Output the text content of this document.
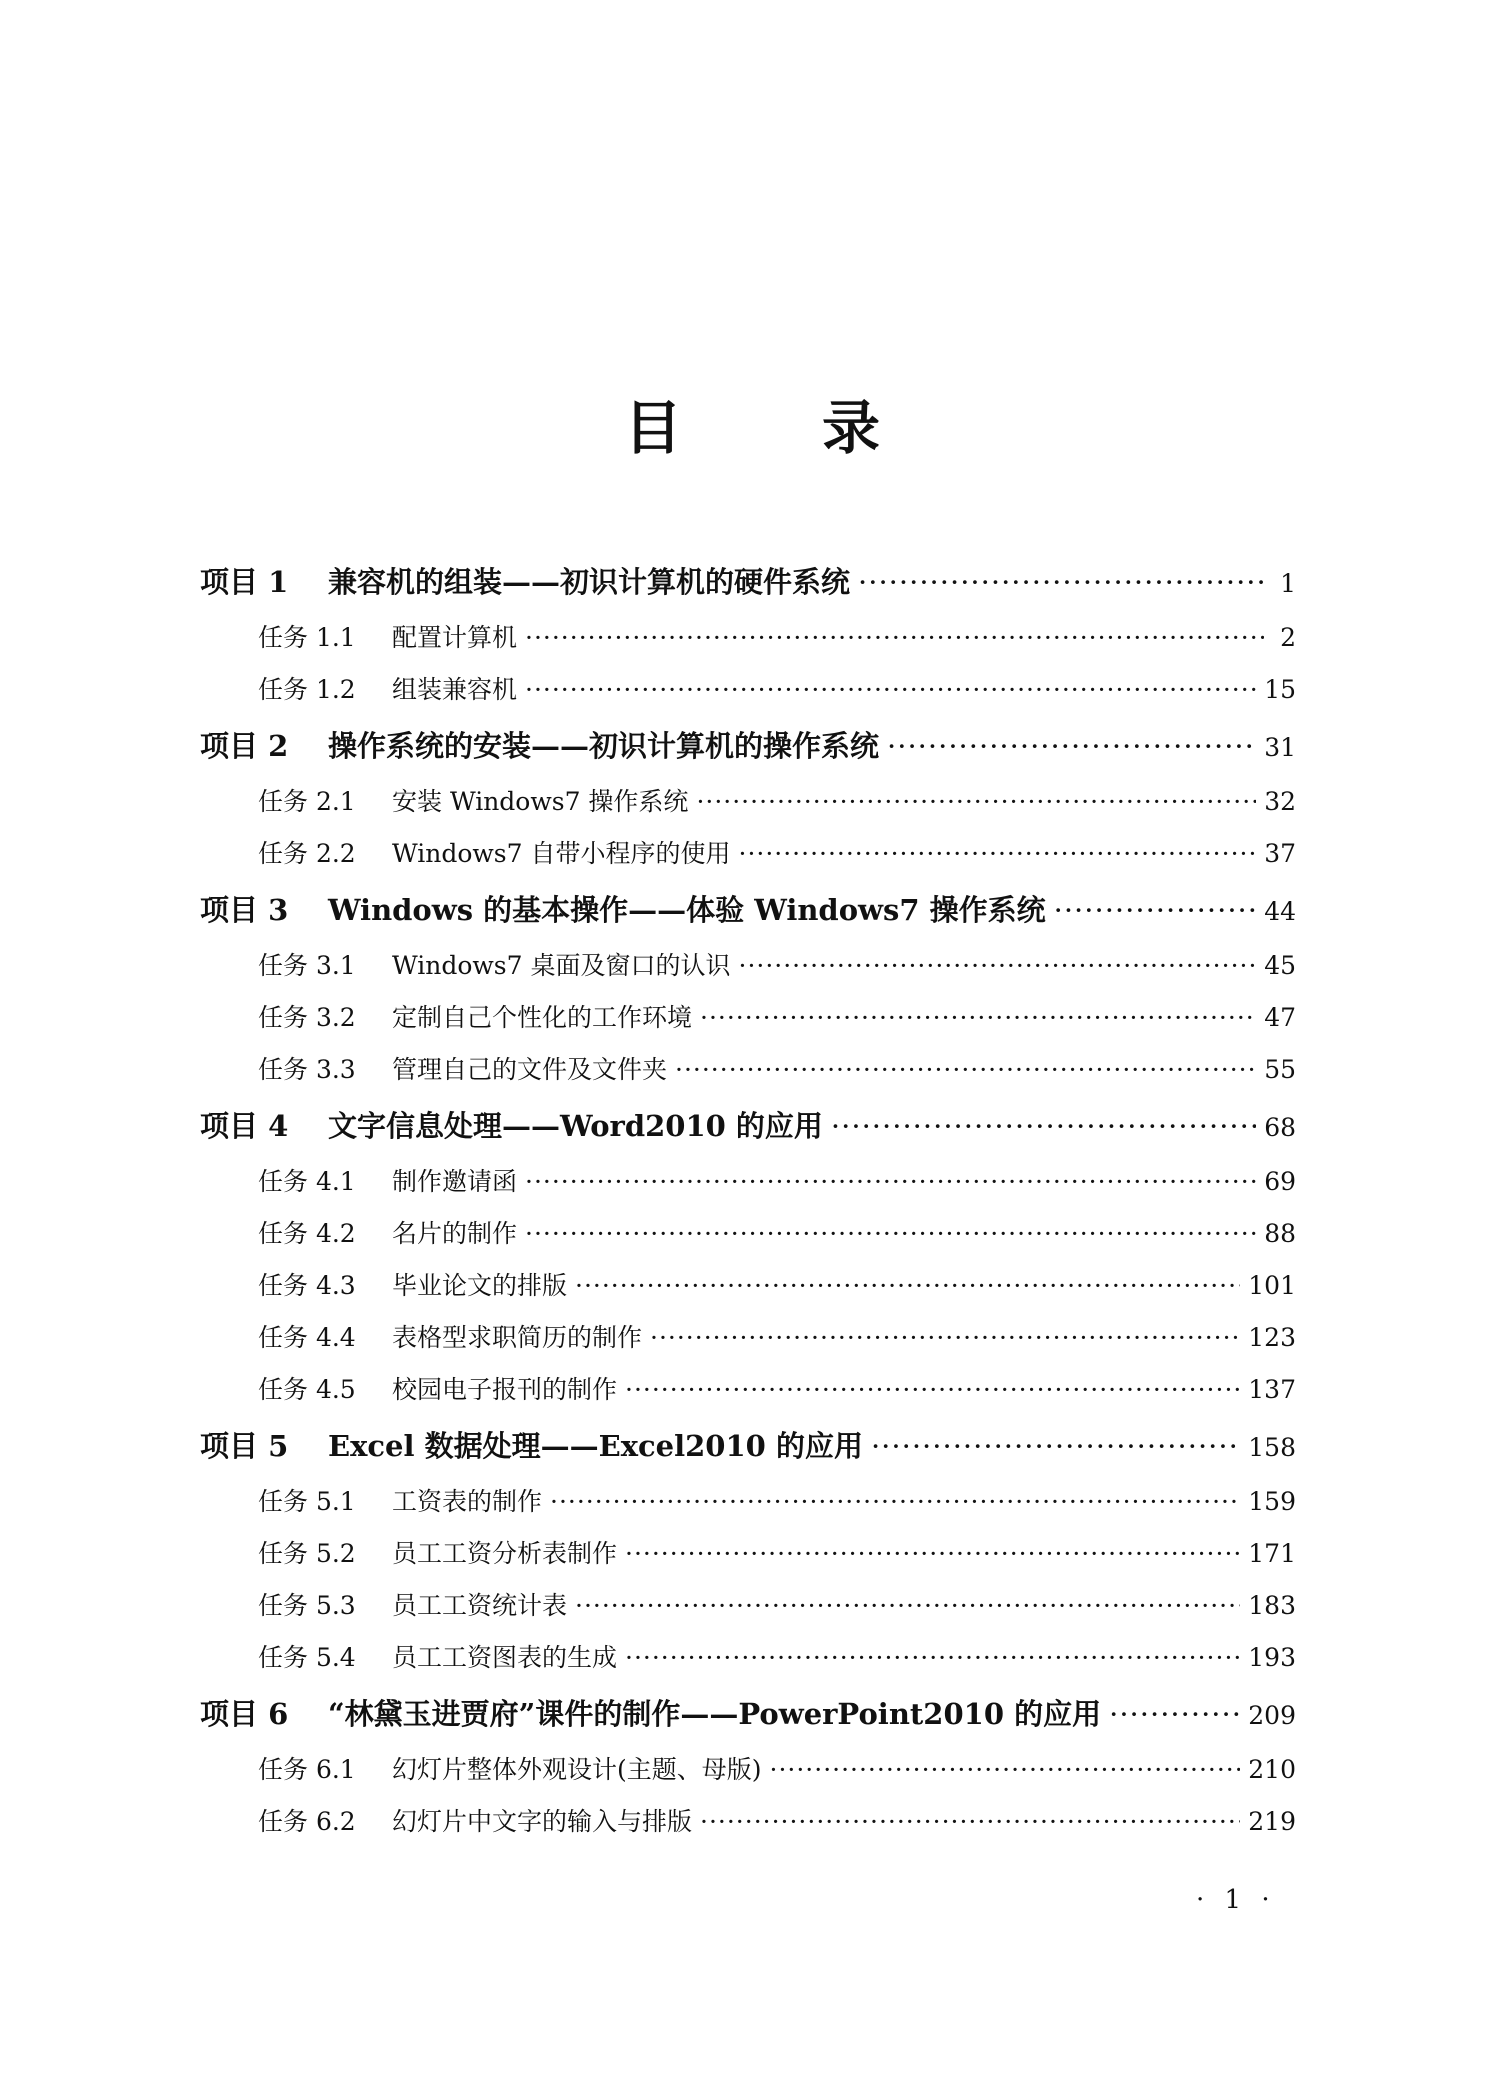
目录
项目 1	兼容机的组装——初识计算机的硬件系统 ·····	1
任务 1.1	配置计算机 ·····	2
任务 1.2	组装兼容机 ·····	15
项目 2	操作系统的安装——初识计算机的操作系统 ·····	31
任务 2.1	安装 Windows7 操作系统 ·····	32
任务 2.2	Windows7 自带小程序的使用 ·····	37
项目 3	Windows 的基本操作——体验 Windows7 操作系统 ·····	44
任务 3.1	Windows7 桌面及窗口的认识 ·····	45
任务 3.2	定制自己个性化的工作环境 ·····	47
任务 3.3	管理自己的文件及文件夹 ·····	55
项目 4	文字信息处理——Word2010 的应用 ·····	68
任务 4.1	制作邀请函 ·····	69
任务 4.2	名片的制作 ·····	88
任务 4.3	毕业论文的排版 ·····	101
任务 4.4	表格型求职简历的制作 ·····	123
任务 4.5	校园电子报刊的制作 ·····	137
项目 5	Excel 数据处理——Excel2010 的应用 ·····	158
任务 5.1	工资表的制作 ·····	159
任务 5.2	员工工资分析表制作 ·····	171
任务 5.3	员工工资统计表 ·····	183
任务 5.4	员工工资图表的生成 ·····	193
项目 6	“林黛玉进贾府”课件的制作——PowerPoint2010 的应用 ·····	209
任务 6.1	幻灯片整体外观设计(主题、母版) ·····	210
任务 6.2	幻灯片中文字的输入与排版 ·····	219
· 1 ·
